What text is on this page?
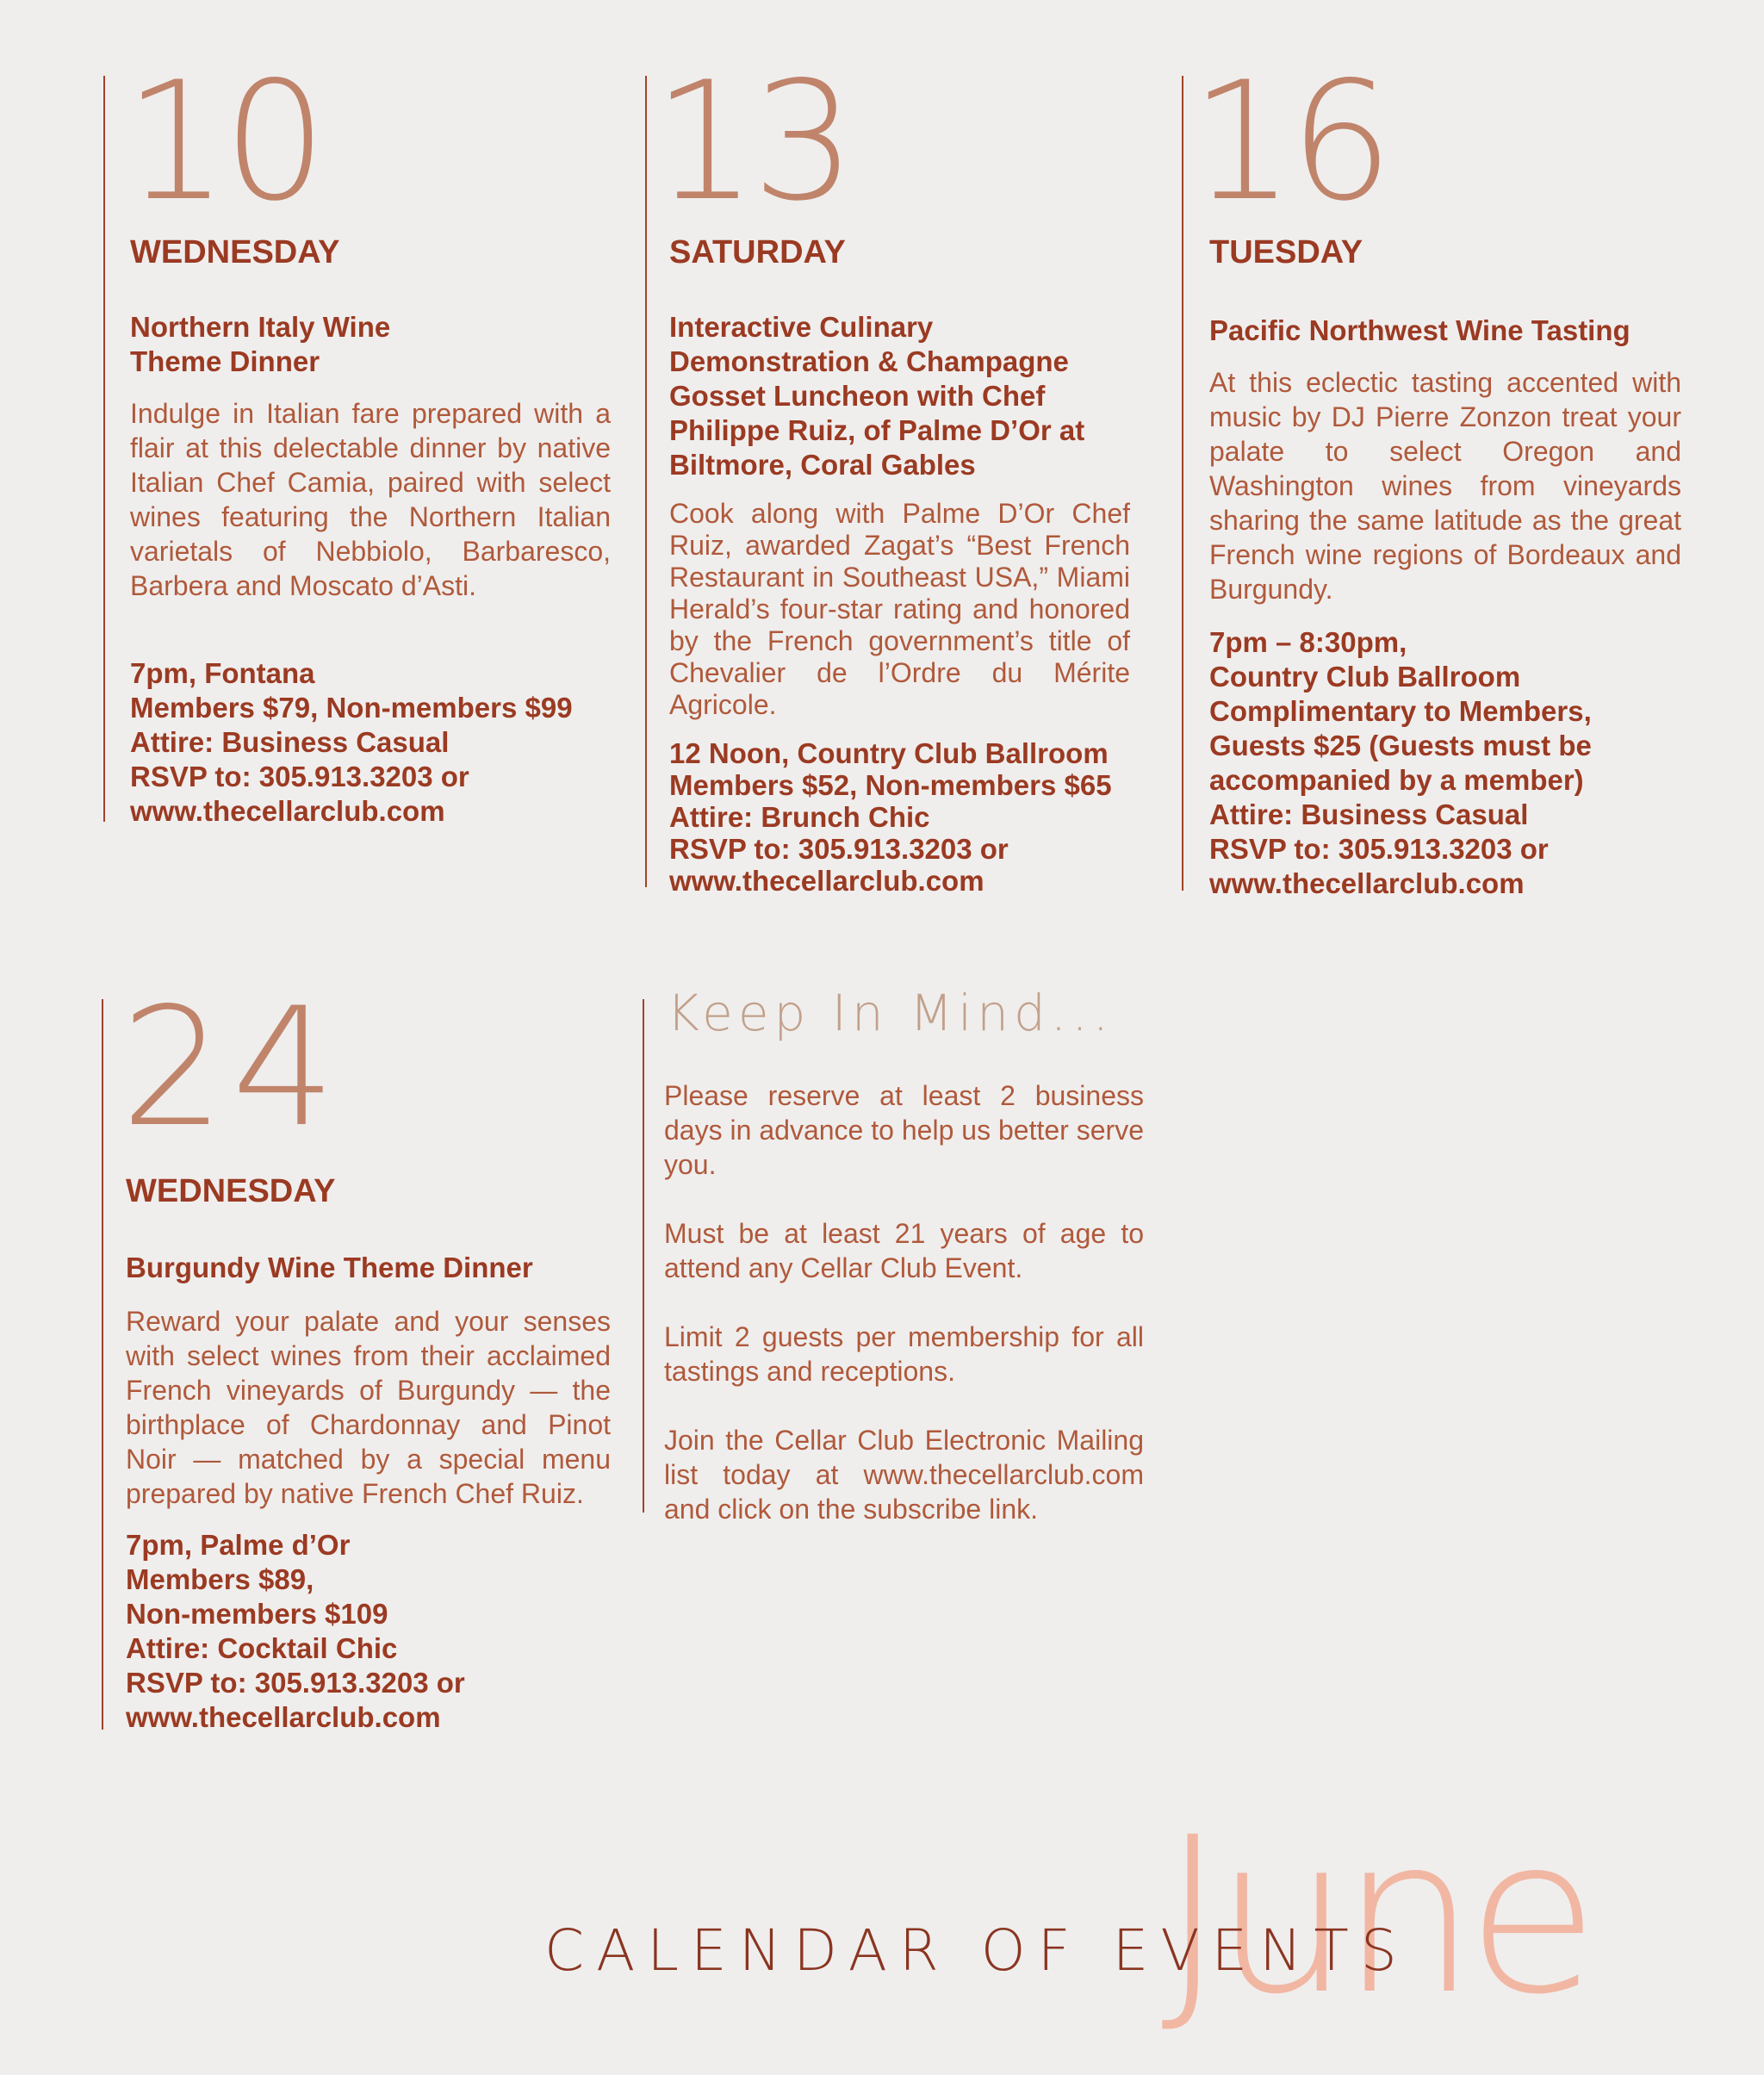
10
WEDNESDAY
Northern Italy Wine
Theme Dinner
Indulge in Italian fare prepared with a flair at this delectable dinner by native Italian Chef Camia, paired with select wines featuring the Northern Italian varietals of Nebbiolo, Barbaresco, Barbera and Moscato d’Asti.
7pm, Fontana
Members $79, Non-members $99
Attire: Business Casual
RSVP to: 305.913.3203 or
www.thecellarclub.com
13
SATURDAY
Interactive Culinary
Demonstration & Champagne
Gosset Luncheon with Chef
Philippe Ruiz, of Palme D’Or at
Biltmore, Coral Gables
Cook along with Palme D’Or Chef Ruiz, awarded Zagat’s “Best French Restaurant in Southeast USA,” Miami Herald’s four-star rating and honored by the French government’s title of Chevalier de l’Ordre du Mérite Agricole.
12 Noon, Country Club Ballroom
Members $52, Non-members $65
Attire: Brunch Chic
RSVP to: 305.913.3203 or
www.thecellarclub.com
16
TUESDAY
Pacific Northwest Wine Tasting
At this eclectic tasting accented with music by DJ Pierre Zonzon treat your palate to select Oregon and Washington wines from vineyards sharing the same latitude as the great French wine regions of Bordeaux and Burgundy.
7pm – 8:30pm,
Country Club Ballroom
Complimentary to Members,
Guests $25 (Guests must be
accompanied by a member)
Attire: Business Casual
RSVP to: 305.913.3203 or
www.thecellarclub.com
24
WEDNESDAY
Burgundy Wine Theme Dinner
Reward your palate and your senses with select wines from their acclaimed French vineyards of Burgundy — the birthplace of Chardonnay and Pinot Noir — matched by a special menu prepared by native French Chef Ruiz.
7pm, Palme d’Or
Members $89,
Non-members $109
Attire: Cocktail Chic
RSVP to: 305.913.3203 or
www.thecellarclub.com
Keep In Mind...
Please reserve at least 2 business days in advance to help us better serve you.
Must be at least 21 years of age to attend any Cellar Club Event.
Limit 2 guests per membership for all tastings and receptions.
Join the Cellar Club Electronic Mailing list today at www.thecellarclub.com and click on the subscribe link.
June
CALENDAR OF EVENTS
